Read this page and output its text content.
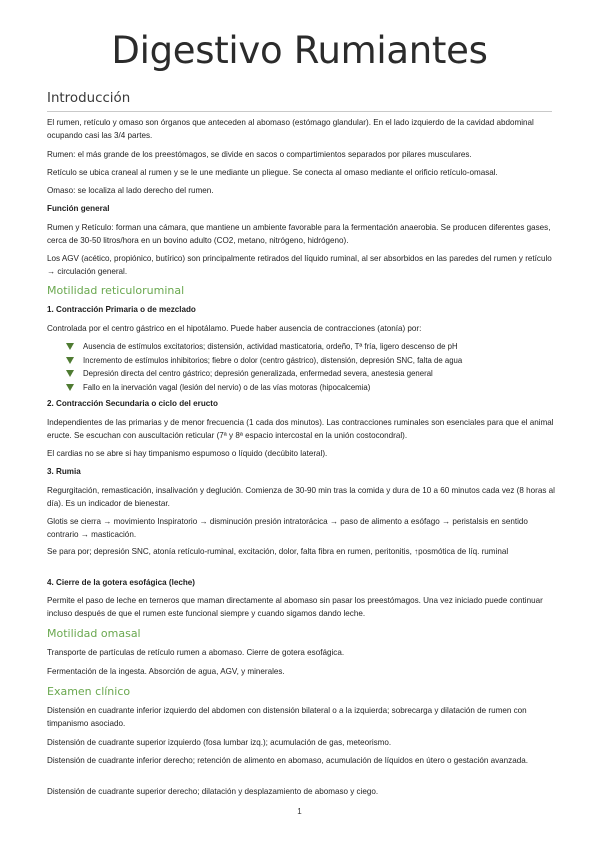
Digestivo Rumiantes
Introducción
El rumen, retículo y omaso son órganos que anteceden al abomaso (estómago glandular). En el lado izquierdo de la cavidad abdominal ocupando casi las 3/4 partes.
Rumen: el más grande de los preestómagos, se divide en sacos o compartimientos separados por pilares musculares.
Retículo se ubica craneal al rumen y se le une mediante un pliegue. Se conecta al omaso mediante el orificio retículo-omasal.
Omaso: se localiza al lado derecho del rumen.
Función general
Rumen y Retículo: forman una cámara, que mantiene un ambiente favorable para la fermentación anaerobia. Se producen diferentes gases, cerca de 30-50 litros/hora en un bovino adulto (CO2, metano, nitrógeno, hidrógeno).
Los AGV (acético, propiónico, butírico) son principalmente retirados del líquido ruminal, al ser absorbidos en las paredes del rumen y retículo → circulación general.
Motilidad reticuloruminal
1. Contracción Primaria o de mezclado
Controlada por el centro gástrico en el hipotálamo. Puede haber ausencia de contracciones (atonía) por:
Ausencia de estímulos excitatorios; distensión, actividad masticatoria, ordeño, Tª fría, ligero descenso de pH
Incremento de estímulos inhibitorios; fiebre o dolor (centro gástrico), distensión, depresión SNC, falta de agua
Depresión directa del centro gástrico; depresión generalizada, enfermedad severa, anestesia general
Fallo en la inervación vagal (lesión del nervio) o de las vías motoras (hipocalcemia)
2. Contracción Secundaria o ciclo del eructo
Independientes de las primarias y de menor frecuencia (1 cada dos minutos). Las contracciones ruminales son esenciales para que el animal eructe. Se escuchan con auscultación reticular (7ª y 8ª espacio intercostal en la unión costocondral).
El cardias no se abre si hay timpanismo espumoso o líquido (decúbito lateral).
3. Rumia
Regurgitación, remasticación, insalivación y deglución. Comienza de 30-90 min tras la comida y dura de 10 a 60 minutos cada vez (8 horas al día). Es un indicador de bienestar.
Glotis se cierra → movimiento Inspiratorio → disminución presión intratorácica → paso de alimento a esófago → peristalsis en sentido contrario → masticación.
Se para por; depresión SNC, atonía retículo-ruminal, excitación, dolor, falta fibra en rumen, peritonitis, ↑posmótica de líq. ruminal
4. Cierre de la gotera esofágica (leche)
Permite el paso de leche en terneros que maman directamente al abomaso sin pasar los preestómagos. Una vez iniciado puede continuar incluso después de que el rumen este funcional siempre y cuando sigamos dando leche.
Motilidad omasal
Transporte de partículas de retículo rumen a abomaso. Cierre de gotera esofágica.
Fermentación de la ingesta. Absorción de agua, AGV, y minerales.
Examen clínico
Distensión en cuadrante inferior izquierdo del abdomen con distensión bilateral o a la izquierda; sobrecarga y dilatación de rumen con timpanismo asociado.
Distensión de cuadrante superior izquierdo (fosa lumbar izq.); acumulación de gas, meteorismo.
Distensión de cuadrante inferior derecho; retención de alimento en abomaso, acumulación de líquidos en útero o gestación avanzada.
Distensión de cuadrante superior derecho; dilatación y desplazamiento de abomaso y ciego.
1
